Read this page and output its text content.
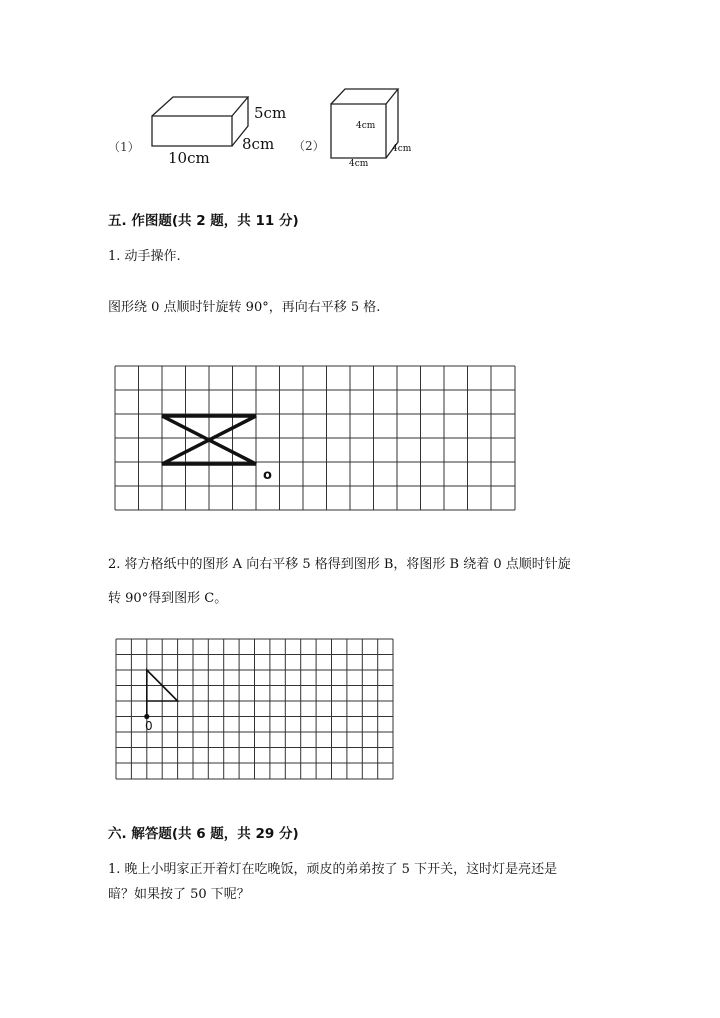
（1）
5cm
8cm
10cm
（2）
4cm
4cm
4cm
五. 作图题(共 2 题，共 11 分)
1. 动手操作.
图形绕 0 点顺时针旋转 90°，再向右平移 5 格.
o
2. 将方格纸中的图形 A 向右平移 5 格得到图形 B，将图形 B 绕着 0 点顺时针旋
转 90°得到图形 C。
0
六. 解答题(共 6 题，共 29 分)
1. 晚上小明家正开着灯在吃晚饭，顽皮的弟弟按了 5 下开关，这时灯是亮还是
暗？如果按了 50 下呢？
